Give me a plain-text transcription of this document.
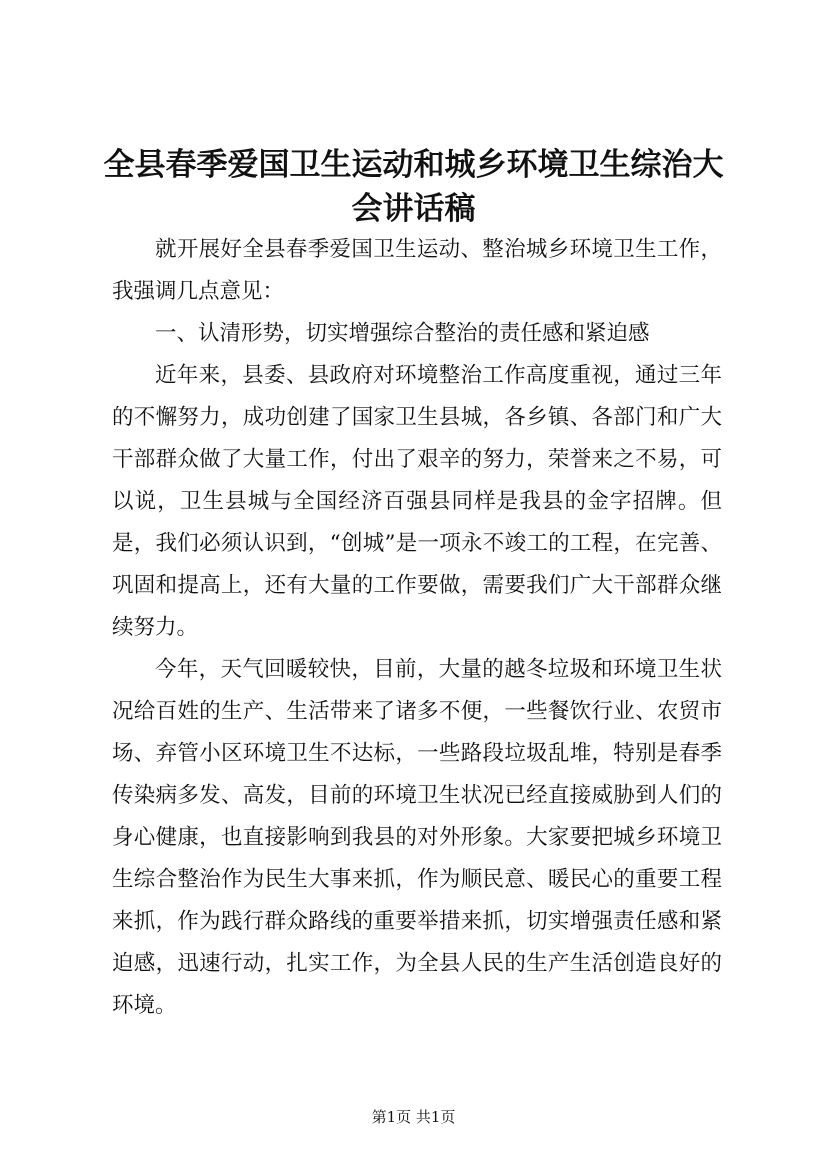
全县春季爱国卫生运动和城乡环境卫生综治大会讲话稿

就开展好全县春季爱国卫生运动、整治城乡环境卫生工作，我强调几点意见：

一、认清形势，切实增强综合整治的责任感和紧迫感

近年来，县委、县政府对环境整治工作高度重视，通过三年的不懈努力，成功创建了国家卫生县城，各乡镇、各部门和广大干部群众做了大量工作，付出了艰辛的努力，荣誉来之不易，可以说，卫生县城与全国经济百强县同样是我县的金字招牌。但是，我们必须认识到，“创城”是一项永不竣工的工程，在完善、巩固和提高上，还有大量的工作要做，需要我们广大干部群众继续努力。

今年，天气回暖较快，目前，大量的越冬垃圾和环境卫生状况给百姓的生产、生活带来了诸多不便，一些餐饮行业、农贸市场、弃管小区环境卫生不达标，一些路段垃圾乱堆，特别是春季传染病多发、高发，目前的环境卫生状况已经直接威胁到人们的身心健康，也直接影响到我县的对外形象。大家要把城乡环境卫生综合整治作为民生大事来抓，作为顺民意、暖民心的重要工程来抓，作为践行群众路线的重要举措来抓，切实增强责任感和紧迫感，迅速行动，扎实工作，为全县人民的生产生活创造良好的环境。

第1页 共1页
